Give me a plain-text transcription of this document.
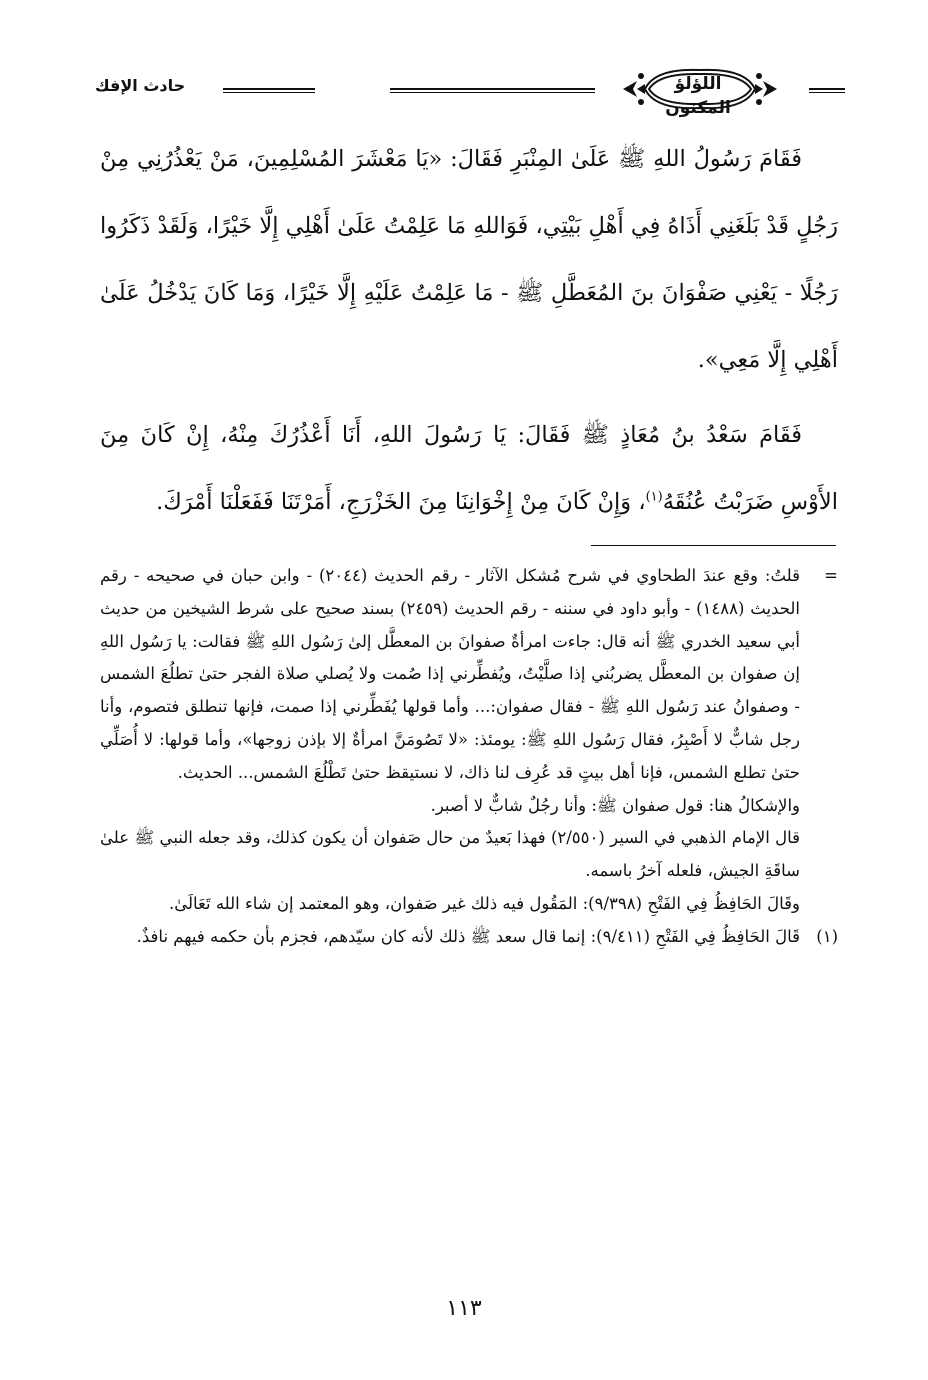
اللؤلؤ المكنون
حادث الإفك

فَقَامَ رَسُولُ اللهِ ﷺ عَلَىٰ المِنْبَرِ فَقَالَ: «يَا مَعْشَرَ المُسْلِمِينَ، مَنْ يَعْذُرُنِي مِنْ رَجُلٍ قَدْ بَلَغَنِي أَذَاهُ فِي أَهْلِ بَيْتِي، فَوَاللهِ مَا عَلِمْتُ عَلَىٰ أَهْلِي إِلَّا خَيْرًا، وَلَقَدْ ذَكَرُوا رَجُلًا - يَعْنِي صَفْوَانَ بنَ المُعَطَّلِ ﷺ - مَا عَلِمْتُ عَلَيْهِ إِلَّا خَيْرًا، وَمَا كَانَ يَدْخُلُ عَلَىٰ أَهْلِي إِلَّا مَعِي».

فَقَامَ سَعْدُ بنُ مُعَاذٍ ﷺ فَقَالَ: يَا رَسُولَ اللهِ، أَنَا أَعْذُرُكَ مِنْهُ، إِنْ كَانَ مِنَ الأَوْسِ ضَرَبْتُ عُنُقَهُ$^{(١)}$، وَإِنْ كَانَ مِنْ إِخْوَانِنَا مِنَ الخَزْرَجِ، أَمَرْتَنَا فَفَعَلْنَا أَمْرَكَ.

=
قلتُ: وقع عندَ الطحاوي في شرح مُشكل الآثار - رقم الحديث (٢٠٤٤) - وابن حبان في صحيحه - رقم الحديث (١٤٨٨) - وأبو داود في سننه - رقم الحديث (٢٤٥٩) بسند صحيح على شرط الشيخين من حديث أبي سعيد الخدري ﷺ أنه قال: جاءت امرأةٌ صفوانَ بن المعطَّل إلىٰ رَسُول اللهِ ﷺ فقالت: يا رَسُول اللهِ إن صفوان بن المعطَّل يضربُني إذا صلَّيْتُ، ويُفطِّرني إذا صُمت ولا يُصلي صلاة الفجر حتىٰ تطلُعَ الشمس - وصفوانُ عند رَسُول اللهِ ﷺ - فقال صفوان:... وأما قولها يُفَطِّرني إذا صمت، فإنها تنطلق فتصوم، وأنا رجل شابٌّ لا أَصْبِرُ، فقال رَسُول اللهِ ﷺ: يومئذ: «لا تَصُومَنَّ امرأةٌ إلا بإذن زوجها»، وأما قولها: لا أُصَلِّي حتىٰ تطلع الشمس، فإنا أهل بيتٍ قد عُرِف لنا ذاك، لا نستيقظ حتىٰ تَطْلُعَ الشمس... الحديث.

والإشكالُ هنا: قول صفوان ﷺ: وأنا رجُلٌ شابٌّ لا أصبر.

قال الإمام الذهبي في السير (٢/٥٥٠) فهذا بَعيدٌ من حال صَفوان أن يكون كذلك، وقد جعله النبي ﷺ علىٰ ساقَةِ الجيش، فلعله آخرُ باسمه.

وقَالَ الحَافِظُ فِي الفَتْحِ (٩/٣٩٨): المَقُول فيه ذلك غير صَفوان، وهو المعتمد إن شاء الله تَعَالَىٰ.

(١)
قَالَ الحَافِظُ فِي الفَتْحِ (٩/٤١١): إنما قال سعد ﷺ ذلك لأنه كان سيّدهم، فجزم بأن حكمه فيهم نافذٌ.
١١٣
